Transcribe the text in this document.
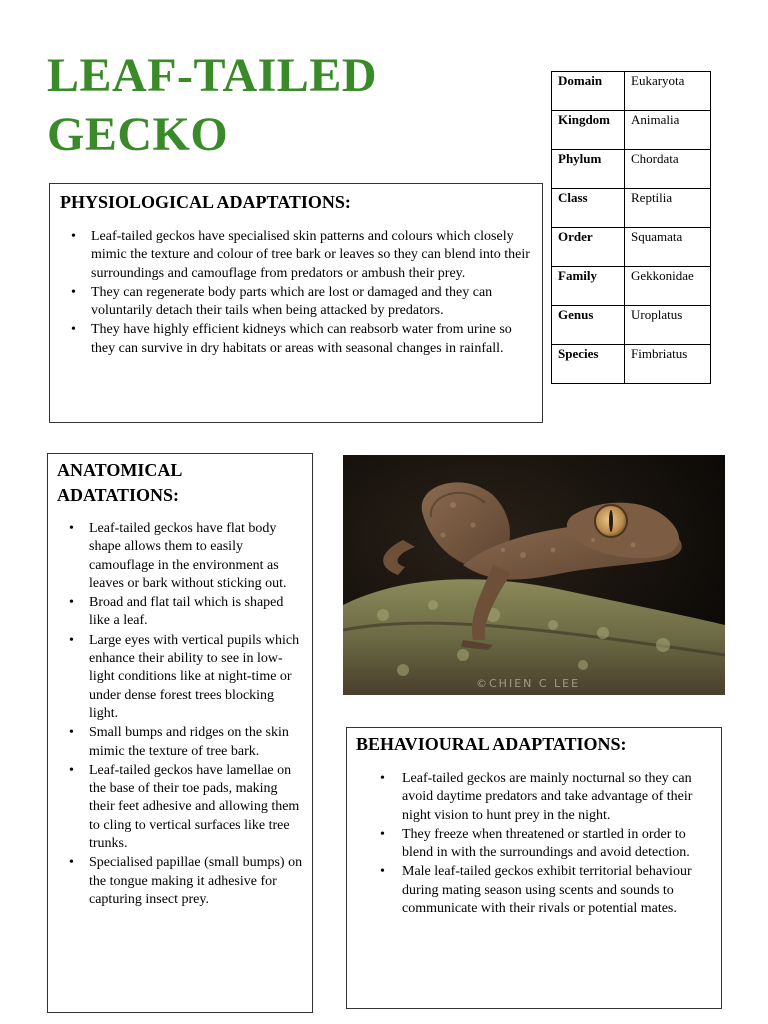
LEAF-TAILED
GECKO
Domain	Eukaryota
Kingdom	Animalia
Phylum	Chordata
Class	Reptilia
Order	Squamata
Family	Gekkonidae
Genus	Uroplatus
Species	Fimbriatus
PHYSIOLOGICAL ADAPTATIONS:
• Leaf-tailed geckos have specialised skin patterns and colours which closely mimic the texture and colour of tree bark or leaves so they can blend into their surroundings and camouflage from predators or ambush their prey.
• They can regenerate body parts which are lost or damaged and they can voluntarily detach their tails when being attacked by predators.
• They have highly efficient kidneys which can reabsorb water from urine so they can survive in dry habitats or areas with seasonal changes in rainfall.
ANATOMICAL
ADATATIONS:
• Leaf-tailed geckos have flat body shape allows them to easily camouflage in the environment as leaves or bark without sticking out.
• Broad and flat tail which is shaped like a leaf.
• Large eyes with vertical pupils which enhance their ability to see in low-light conditions like at night-time or under dense forest trees blocking light.
• Small bumps and ridges on the skin mimic the texture of tree bark.
• Leaf-tailed geckos have lamellae on the base of their toe pads, making their feet adhesive and allowing them to cling to vertical surfaces like tree trunks.
• Specialised papillae (small bumps) on the tongue making it adhesive for capturing insect prey.
©CHIEN C LEE
BEHAVIOURAL ADAPTATIONS:
• Leaf-tailed geckos are mainly nocturnal so they can avoid daytime predators and take advantage of their night vision to hunt prey in the night.
• They freeze when threatened or startled in order to blend in with the surroundings and avoid detection.
• Male leaf-tailed geckos exhibit territorial behaviour during mating season using scents and sounds to communicate with their rivals or potential mates.
